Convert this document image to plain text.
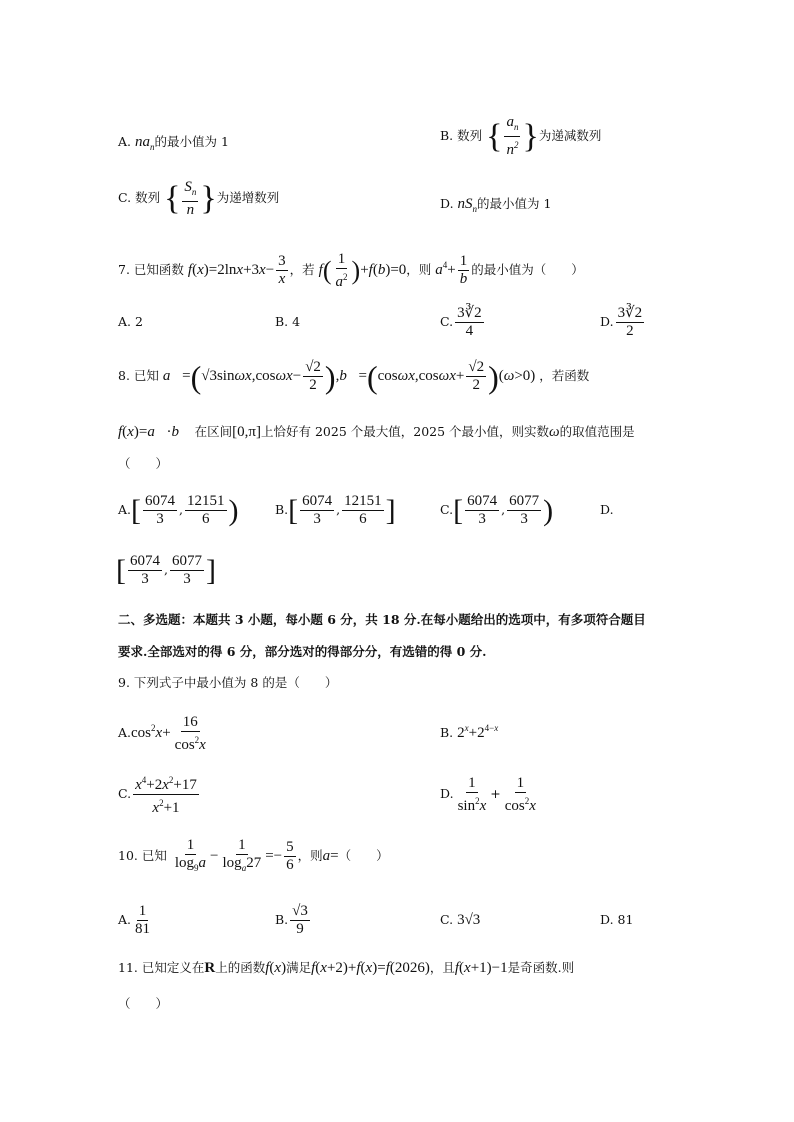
A. $na_n$的最小值为 1	B. 数列 { $\frac{a_n}{n^2}$ }为递减数列
C. 数列 { $\frac{S_n}{n}$ }为递增数列	D. $nS_n$的最小值为 1
7. 已知函数 $f(x)=2\ln x+3x- \frac{3}{x}$ ，若 $f( \frac{1}{a^2} )+f(b)=0$，则 $a^4+ \frac{1}{b}$ 的最小值为（　　）
A. 2	B. 4	C. $\frac{3∛2}{4}$	D. $\frac{3∛2}{2}$
8. 已知 a⃗=(√3sinωx,cosωx− $\frac{√2}{2}$ ),b⃗=(cosωx,cosωx+ $\frac{√2}{2} )(\omega>0)$ ，若函数
f(x)=a⃗·b⃗ 在区间[0,π]上恰好有 2025 个最大值，2025 个最小值，则实数ω的取值范围是
（　　）
$A.[ \frac{6074}{3}$ , $\frac{12151}{6}$ )	$B.[ \frac{6074}{3}$ , $\frac{12151}{6}$ ]	$C.[ \frac{6074}{3}$ , $\frac{6077}{3}$ )	D.
[ $\frac{6074}{3}$ , $\frac{6077}{3}$ ]
二、多选题：本题共 3 小题，每小题 6 分，共 18 分.在每小题给出的选项中，有多项符合题目
要求.全部选对的得 6 分，部分选对的得部分分，有选错的得 0 分.
9. 下列式子中最小值为 8 的是（　　）
$A.\cos^2x+ \frac{16}{\cos^2x}$	B. $2^x+2^{4-x}$
C. $\frac{x^4+2x^2+17}{x^2+1}$	D. $\frac{1}{\sin^2x} + \frac{1}{\cos^2x}$
10. 已知 $\frac{1}{\log_9a} - \frac{1}{\log_a27} =- \frac{5}{6}$ ，则a=（　　）
A. $\frac{1}{81}$	B. $\frac{√3}{9}$	C. 3√3	D. 81
11. 已知定义在R上的函数f(x)满足f(x+2)+f(x)=f(2026)，且f(x+1)−1是奇函数.则
（　　）
